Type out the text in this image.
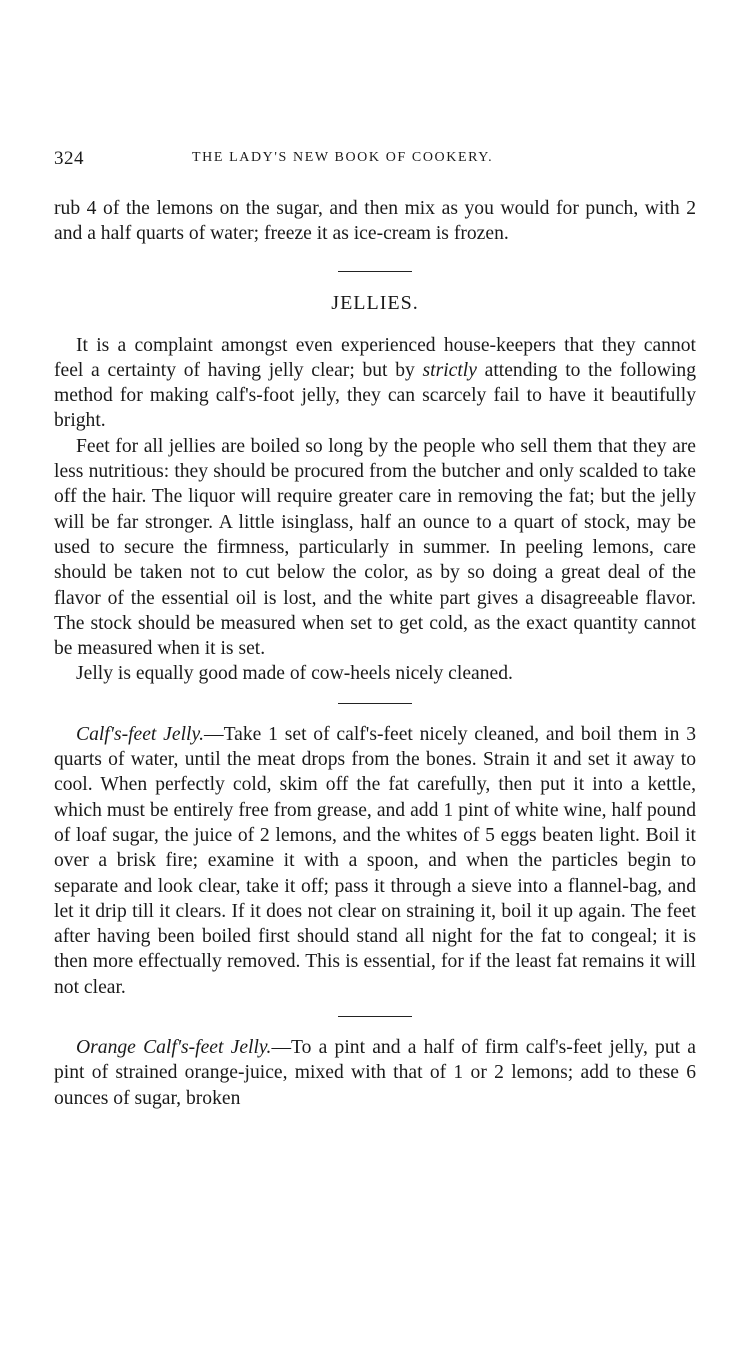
324	THE LADY'S NEW BOOK OF COOKERY.

rub 4 of the lemons on the sugar, and then mix as you would for punch, with 2 and a half quarts of water; freeze it as ice-cream is frozen.

JELLIES.

It is a complaint amongst even experienced house-keepers that they cannot feel a certainty of having jelly clear; but by strictly attending to the following method for making calf's-foot jelly, they can scarcely fail to have it beautifully bright.

Feet for all jellies are boiled so long by the people who sell them that they are less nutritious: they should be procured from the butcher and only scalded to take off the hair. The liquor will require greater care in removing the fat; but the jelly will be far stronger. A little isinglass, half an ounce to a quart of stock, may be used to secure the firmness, particularly in summer. In peeling lemons, care should be taken not to cut below the color, as by so doing a great deal of the flavor of the essential oil is lost, and the white part gives a disagreeable flavor. The stock should be measured when set to get cold, as the exact quantity cannot be measured when it is set.

Jelly is equally good made of cow-heels nicely cleaned.

Calf's-feet Jelly.—Take 1 set of calf's-feet nicely cleaned, and boil them in 3 quarts of water, until the meat drops from the bones. Strain it and set it away to cool. When perfectly cold, skim off the fat carefully, then put it into a kettle, which must be entirely free from grease, and add 1 pint of white wine, half pound of loaf sugar, the juice of 2 lemons, and the whites of 5 eggs beaten light. Boil it over a brisk fire; examine it with a spoon, and when the particles begin to separate and look clear, take it off; pass it through a sieve into a flannel-bag, and let it drip till it clears. If it does not clear on straining it, boil it up again. The feet after having been boiled first should stand all night for the fat to congeal; it is then more effectually removed. This is essential, for if the least fat remains it will not clear.

Orange Calf's-feet Jelly.—To a pint and a half of firm calf's-feet jelly, put a pint of strained orange-juice, mixed with that of 1 or 2 lemons; add to these 6 ounces of sugar, broken
